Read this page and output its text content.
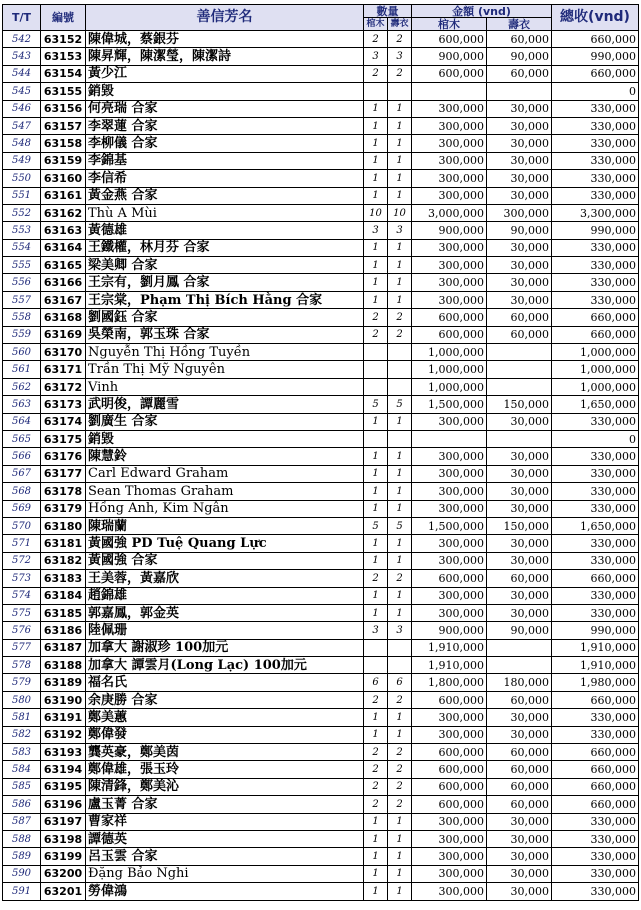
T/T	編號	善信芳名	數量		金額 (vnd)		總收(vnd)
			棺木	壽衣	棺木	壽衣	
542	63152	陳偉城，蔡銀芬	2	2	600,000	60,000	660,000
543	63153	陳昇輝，陳潔瑩，陳潔詩	3	3	900,000	90,000	990,000
544	63154	黃少江	2	2	600,000	60,000	660,000
545	63155	銷毀					0
546	63156	何亮瑞 合家	1	1	300,000	30,000	330,000
547	63157	李翠蓮 合家	1	1	300,000	30,000	330,000
548	63158	李柳儀 合家	1	1	300,000	30,000	330,000
549	63159	李錦基	1	1	300,000	30,000	330,000
550	63160	李信希	1	1	300,000	30,000	330,000
551	63161	黃金燕 合家	1	1	300,000	30,000	330,000
552	63162	Thù A Mùi	10	10	3,000,000	300,000	3,300,000
553	63163	黃德雄	3	3	900,000	90,000	990,000
554	63164	王鐵權，林月芬 合家	1	1	300,000	30,000	330,000
555	63165	梁美卿 合家	1	1	300,000	30,000	330,000
556	63166	王宗有，劉月鳳 合家	1	1	300,000	30,000	330,000
557	63167	王宗棠，Phạm Thị Bích Hằng 合家	1	1	300,000	30,000	330,000
558	63168	劉國鈺 合家	2	2	600,000	60,000	660,000
559	63169	吳榮南，郭玉珠 合家	2	2	600,000	60,000	660,000
560	63170	Nguyễn Thị Hồng Tuyền			1,000,000		1,000,000
561	63171	Trần Thị Mỹ Nguyên			1,000,000		1,000,000
562	63172	Vinh			1,000,000		1,000,000
563	63173	武明俊，譚麗雪	5	5	1,500,000	150,000	1,650,000
564	63174	劉廣生 合家	1	1	300,000	30,000	330,000
565	63175	銷毀					0
566	63176	陳慧鈴	1	1	300,000	30,000	330,000
567	63177	Carl Edward Graham	1	1	300,000	30,000	330,000
568	63178	Sean Thomas Graham	1	1	300,000	30,000	330,000
569	63179	Hồng Anh, Kim Ngân	1	1	300,000	30,000	330,000
570	63180	陳瑞蘭	5	5	1,500,000	150,000	1,650,000
571	63181	黃國強 PD Tuệ Quang Lực	1	1	300,000	30,000	330,000
572	63182	黃國強 合家	1	1	300,000	30,000	330,000
573	63183	王美蓉，黃嘉欣	2	2	600,000	60,000	660,000
574	63184	趙錦雄	1	1	300,000	30,000	330,000
575	63185	郭嘉鳳，郭金英	1	1	300,000	30,000	330,000
576	63186	陸佩珊	3	3	900,000	90,000	990,000
577	63187	加拿大 謝淑珍 100加元			1,910,000		1,910,000
578	63188	加拿大 譚雲月(Long Lạc) 100加元			1,910,000		1,910,000
579	63189	福名氏	6	6	1,800,000	180,000	1,980,000
580	63190	余庚勝 合家	2	2	600,000	60,000	660,000
581	63191	鄭美蕙	1	1	300,000	30,000	330,000
582	63192	鄭偉發	1	1	300,000	30,000	330,000
583	63193	龔英豪，鄭美茵	2	2	600,000	60,000	660,000
584	63194	鄭偉雄，張玉玲	2	2	600,000	60,000	660,000
585	63195	陳清鋒，鄭美沁	2	2	600,000	60,000	660,000
586	63196	盧玉菁 合家	2	2	600,000	60,000	660,000
587	63197	曹家祥	1	1	300,000	30,000	330,000
588	63198	譚德英	1	1	300,000	30,000	330,000
589	63199	呂玉雲 合家	1	1	300,000	30,000	330,000
590	63200	Đặng Bảo Nghi	1	1	300,000	30,000	330,000
591	63201	勞偉鴻	1	1	300,000	30,000	330,000
